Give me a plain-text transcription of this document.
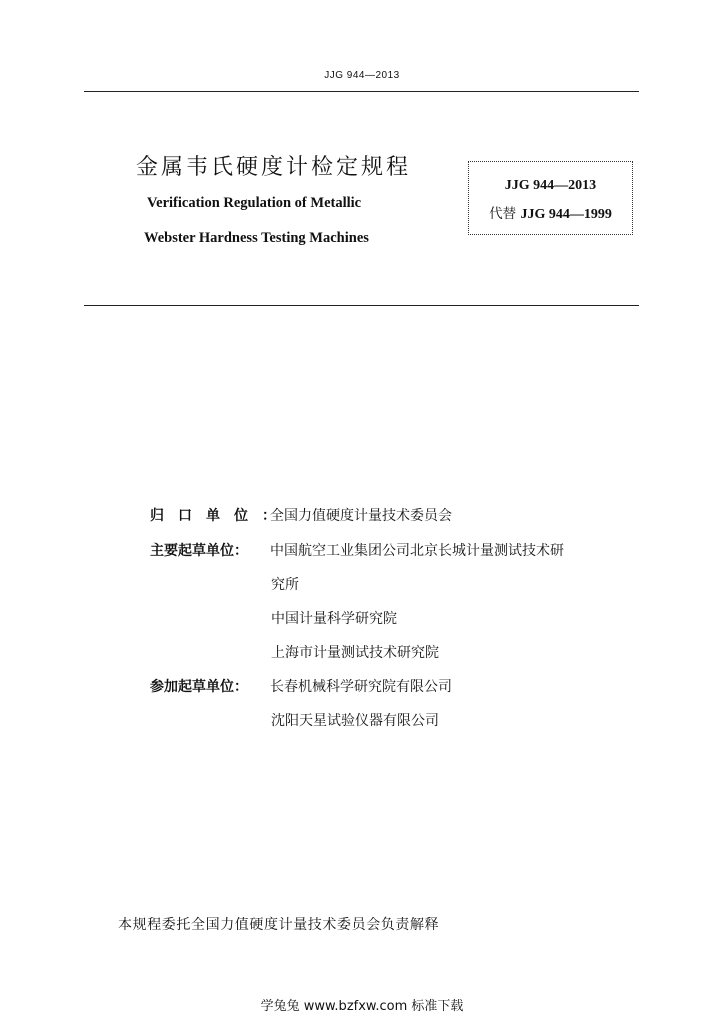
JJG 944—2013
金属韦氏硬度计检定规程
Verification Regulation of Metallic
Webster Hardness Testing Machines
JJG 944—2013
代替 JJG 944—1999
归口单位：全国力值硬度计量技术委员会
主要起草单位： 中国航空工业集团公司北京长城计量测试技术研
究所
中国计量科学研究院
上海市计量测试技术研究院
参加起草单位： 长春机械科学研究院有限公司
沈阳天星试验仪器有限公司
本规程委托全国力值硬度计量技术委员会负责解释
学兔兔 www.bzfxw.com 标准下载
